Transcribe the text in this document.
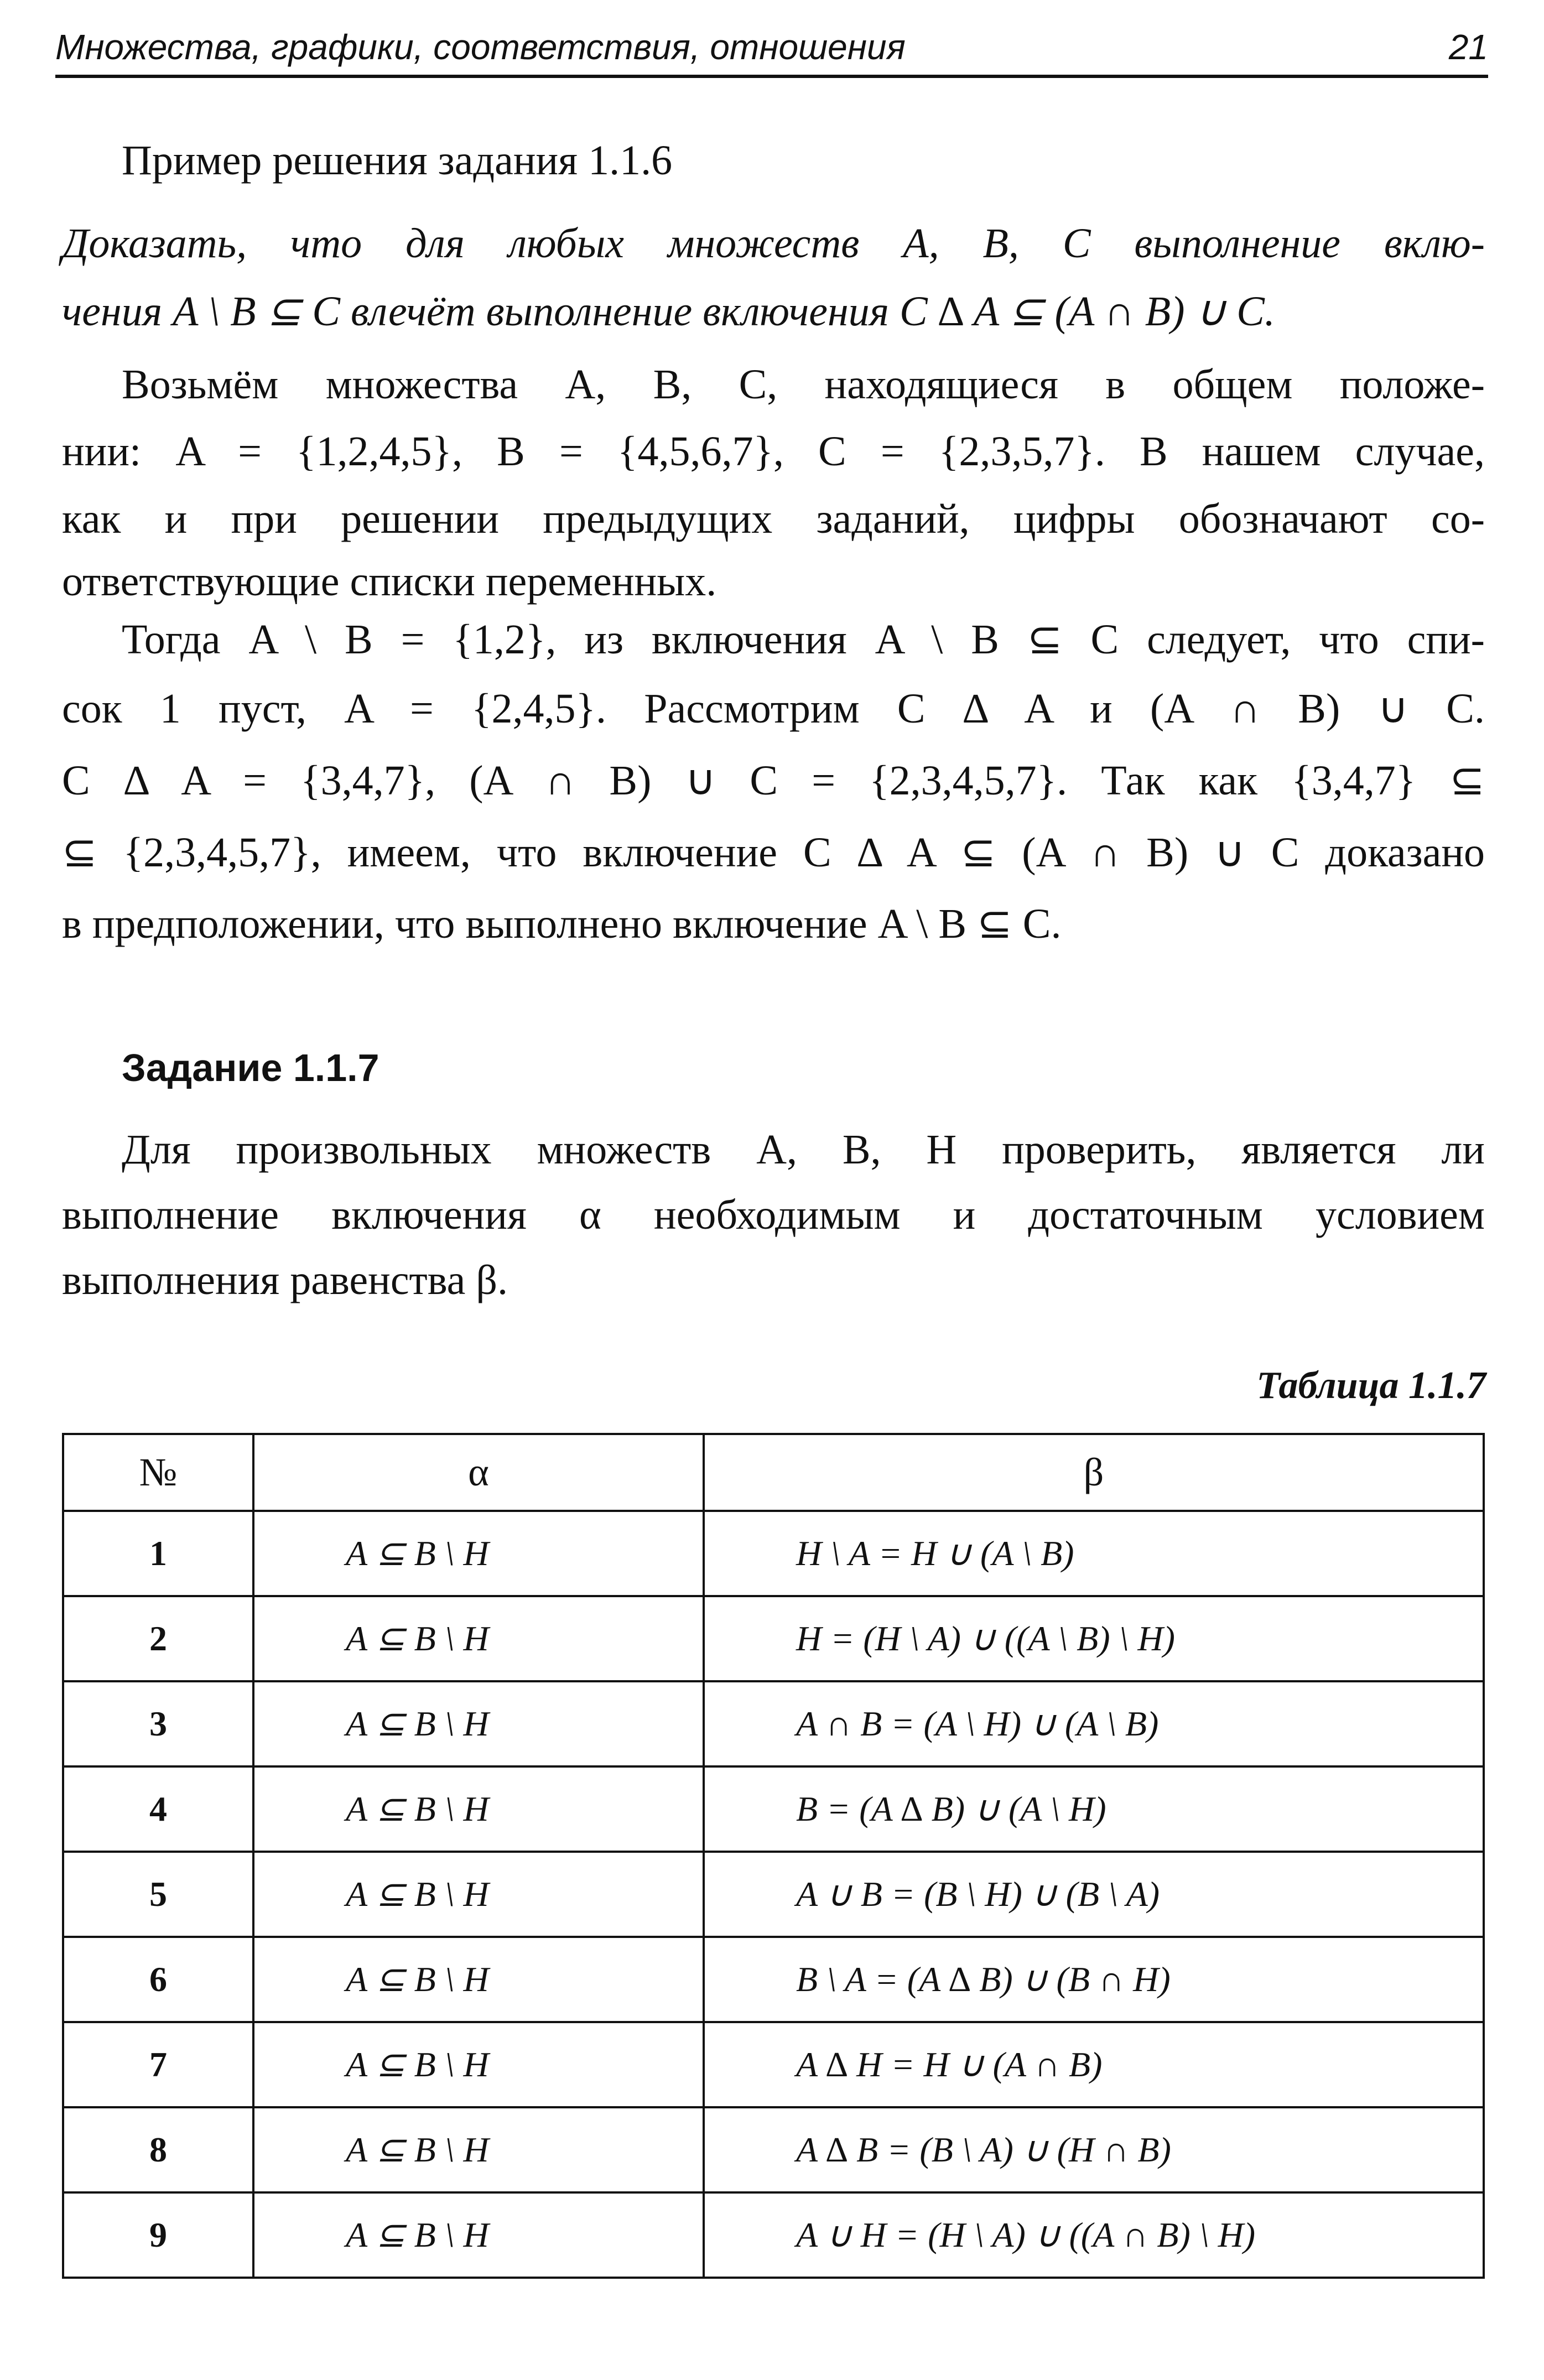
Множества, графики, соответствия, отношения	21
Пример решения задания 1.1.6
Доказать, что для любых множеств A, B, C выполнение вклю-
чения A \ B ⊆ C влечёт выполнение включения C ∆ A ⊆ (A ∩ B) ∪ C.
Возьмём множества A, B, C, находящиеся в общем положе-
нии: A = {1,2,4,5}, B = {4,5,6,7}, C = {2,3,5,7}. В нашем случае,
как и при решении предыдущих заданий, цифры обозначают со-
ответствующие списки переменных.
Тогда A \ B = {1,2}, из включения A \ B ⊆ C следует, что спи-
сок 1 пуст, A = {2,4,5}. Рассмотрим C ∆ A и (A ∩ B) ∪ C.
C ∆ A = {3,4,7}, (A ∩ B) ∪ C = {2,3,4,5,7}. Так как {3,4,7} ⊆
⊆ {2,3,4,5,7}, имеем, что включение C ∆ A ⊆ (A ∩ B) ∪ C доказано
в предположении, что выполнено включение A \ B ⊆ C.
Задание 1.1.7
Для произвольных множеств A, B, H проверить, является ли
выполнение включения α необходимым и достаточным условием
выполнения равенства β.
Таблица 1.1.7
№	α	β
1	A ⊆ B \ H	H \ A = H ∪ (A \ B)
2	A ⊆ B \ H	H = (H \ A) ∪ ((A \ B) \ H)
3	A ⊆ B \ H	A ∩ B = (A \ H) ∪ (A \ B)
4	A ⊆ B \ H	B = (A ∆ B) ∪ (A \ H)
5	A ⊆ B \ H	A ∪ B = (B \ H) ∪ (B \ A)
6	A ⊆ B \ H	B \ A = (A ∆ B) ∪ (B ∩ H)
7	A ⊆ B \ H	A ∆ H = H ∪ (A ∩ B)
8	A ⊆ B \ H	A ∆ B = (B \ A) ∪ (H ∩ B)
9	A ⊆ B \ H	A ∪ H = (H \ A) ∪ ((A ∩ B) \ H)
